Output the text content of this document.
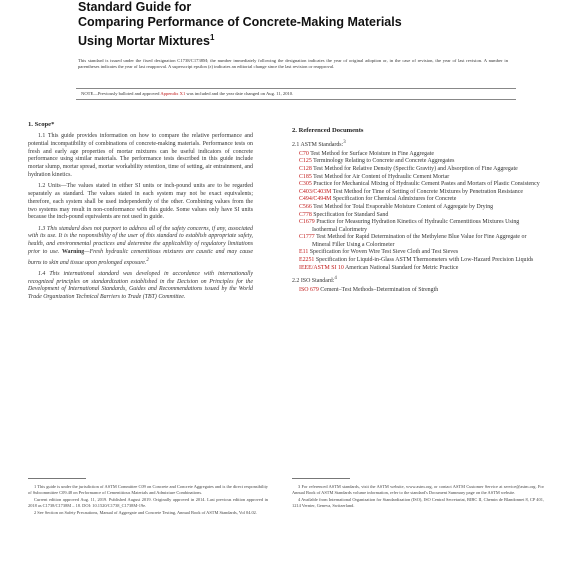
Standard Guide for
Comparing Performance of Concrete-Making Materials
Using Mortar Mixtures$^1$
This standard is issued under the fixed designation C1738/C1738M; the number immediately following the designation indicates the year of original adoption or, in the case of revision, the year of last revision. A number in parentheses indicates the year of last reapproval. A superscript epsilon (ε) indicates an editorial change since the last revision or reapproval.
NOTE—Previously balloted and approved Appendix X1 was included and the year date changed on Aug. 11, 2010.
1. Scope*

1.1 This guide provides information on how to compare the relative performance and potential incompatibility of combinations of concrete-making materials. Performance tests on fresh and early age properties of mortar mixtures can be useful indicators of concrete performance using similar materials. The performance tests described in this guide include mortar slump, mortar spread, mortar workability retention, time of setting, air entrainment, and hydration kinetics.

1.2 Units—The values stated in either SI units or inch-pound units are to be regarded separately as standard. The values stated in each system may not be exact equivalents; therefore, each system shall be used independently of the other. Combining values from the two systems may result in non-conformance with this guide. Some values only have SI units because the inch-pound equivalents are not used in guide.

1.3 This standard does not purport to address all of the safety concerns, if any, associated with its use. It is the responsibility of the user of this standard to establish appropriate safety, health, and environmental practices and determine the applicability of regulatory limitations prior to use. Warning—Fresh hydraulic cementitious mixtures are caustic and may cause burns to skin and tissue upon prolonged exposure.$^2$

1.4 This international standard was developed in accordance with internationally recognized principles on standardization established in the Decision on Principles for the Development of International Standards, Guides and Recommendations issued by the World Trade Organization Technical Barriers to Trade (TBT) Committee.

2. Referenced Documents
2.1 ASTM Standards:$^3$

C70 Test Method for Surface Moisture in Fine Aggregate

C125 Terminology Relating to Concrete and Concrete Aggregates

C128 Test Method for Relative Density (Specific Gravity) and Absorption of Fine Aggregate

C185 Test Method for Air Content of Hydraulic Cement Mortar

C305 Practice for Mechanical Mixing of Hydraulic Cement Pastes and Mortars of Plastic Consistency

C403/C403M Test Method for Time of Setting of Concrete Mixtures by Penetration Resistance

C494/C494M Specification for Chemical Admixtures for Concrete

C566 Test Method for Total Evaporable Moisture Content of Aggregate by Drying

C778 Specification for Standard Sand

C1679 Practice for Measuring Hydration Kinetics of Hydraulic Cementitious Mixtures Using Isothermal Calorimetry

C1777 Test Method for Rapid Determination of the Methylene Blue Value for Fine Aggregate or Mineral Filler Using a Colorimeter

E11 Specification for Woven Wire Test Sieve Cloth and Test Sieves

E2251 Specification for Liquid-in-Glass ASTM Thermometers with Low-Hazard Precision Liquids

IEEE/ASTM SI 10 American National Standard for Metric Practice

2.2 ISO Standard:$^4$

ISO 679 Cement–Test Methods–Determination of Strength

1 This guide is under the jurisdiction of ASTM Committee C09 on Concrete and Concrete Aggregates and is the direct responsibility of Subcommittee C09.48 on Performance of Cementitious Materials and Admixture Combinations.

Current edition approved Aug. 11, 2019. Published August 2019. Originally approved in 2014. Last previous edition approved in 2018 as C1738/C1738M – 18. DOI: 10.1520/C1738_C1738M-19e.

2 See Section on Safety Precautions, Manual of Aggregate and Concrete Testing, Annual Book of ASTM Standards, Vol 04.02.

3 For referenced ASTM standards, visit the ASTM website, www.astm.org, or contact ASTM Customer Service at service@astm.org. For Annual Book of ASTM Standards volume information, refer to the standard's Document Summary page on the ASTM website.

4 Available from International Organization for Standardization (ISO), ISO Central Secretariat, BIBC II, Chemin de Blandonnet 8, CP 401, 1214 Vernier, Geneva, Switzerland.
